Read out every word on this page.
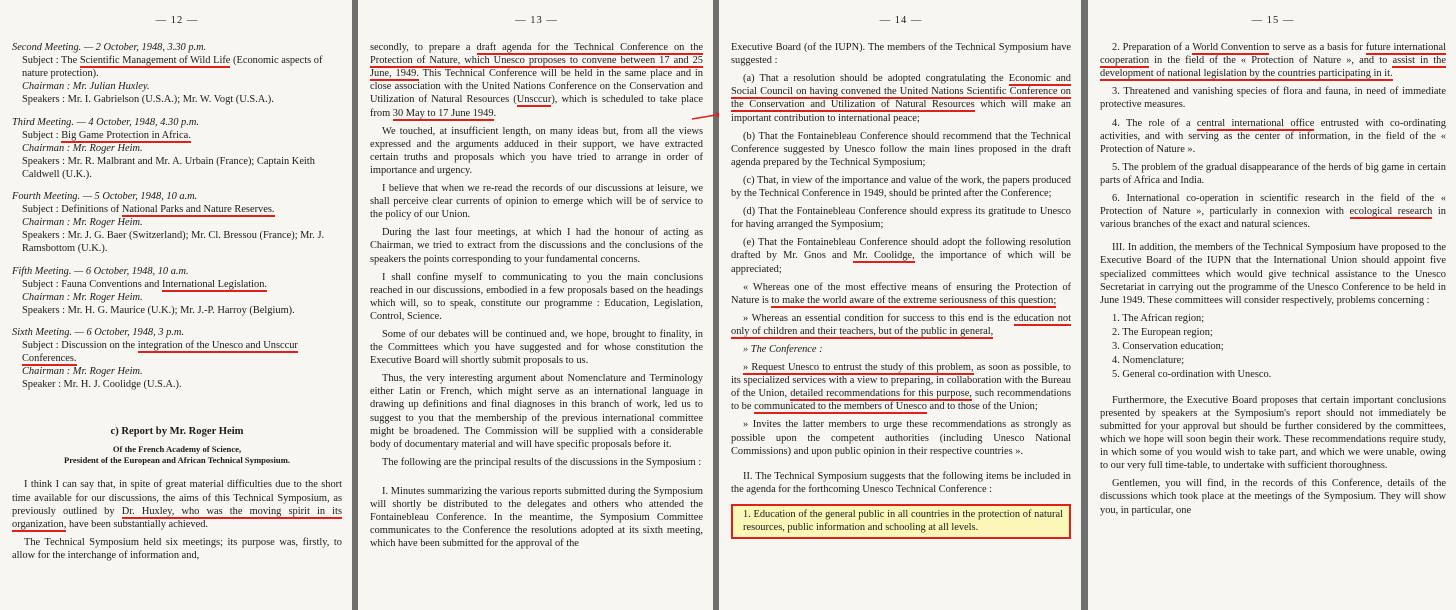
— 12 —
Second Meeting. — 2 October, 1948, 3.30 p.m.
Subject : The Scientific Management of Wild Life (Economic aspects of nature protection).
Chairman : Mr. Julian Huxley.
Speakers : Mr. I. Gabrielson (U.S.A.); Mr. W. Vogt (U.S.A.).
Third Meeting. — 4 October, 1948, 4.30 p.m.
Subject : Big Game Protection in Africa.
Chairman : Mr. Roger Heim.
Speakers : Mr. R. Malbrant and Mr. A. Urbain (France); Captain Keith Caldwell (U.K.).
Fourth Meeting. — 5 October, 1948, 10 a.m.
Subject : Definitions of National Parks and Nature Reserves.
Chairman : Mr. Roger Heim.
Speakers : Mr. J. G. Baer (Switzerland); Mr. Cl. Bressou (France); Mr. J. Ramsbottom (U.K.).
Fifth Meeting. — 6 October, 1948, 10 a.m.
Subject : Fauna Conventions and International Legislation.
Chairman : Mr. Roger Heim.
Speakers : Mr. H. G. Maurice (U.K.); Mr. J.-P. Harroy (Belgium).
Sixth Meeting. — 6 October, 1948, 3 p.m.
Subject : Discussion on the integration of the Unesco and Unsccur Conferences.
Chairman : Mr. Roger Heim.
Speaker : Mr. H. J. Coolidge (U.S.A.).
c) Report by Mr. Roger Heim
Of the French Academy of Science,
President of the European and African Technical Symposium.

I think I can say that, in spite of great material difficulties due to the short time available for our discussions, the aims of this Technical Symposium, as previously outlined by Dr. Huxley, who was the moving spirit in its organization, have been substantially achieved.

The Technical Symposium held six meetings; its purpose was, firstly, to allow for the interchange of information and,

— 13 —

secondly, to prepare a draft agenda for the Technical Conference on the Protection of Nature, which Unesco proposes to convene between 17 and 25 June, 1949. This Technical Conference will be held in the same place and in close association with the United Nations Conference on the Conservation and Utilization of Natural Resources (Unsccur), which is scheduled to take place from 30 May to 17 June 1949.

We touched, at insufficient length, on many ideas but, from all the views expressed and the arguments adduced in their support, we have extracted certain truths and proposals which you have tried to arrange in order of importance and urgency.

I believe that when we re-read the records of our discussions at leisure, we shall perceive clear currents of opinion to emerge which will be of service to the policy of our Union.

During the last four meetings, at which I had the honour of acting as Chairman, we tried to extract from the discussions and the conclusions of the speakers the points corresponding to your fundamental concerns.

I shall confine myself to communicating to you the main conclusions reached in our discussions, embodied in a few proposals based on the headings which will, so to speak, constitute our programme : Education, Legislation, Control, Science.

Some of our debates will be continued and, we hope, brought to finality, in the Committees which you have suggested and for whose constitution the Executive Board will shortly submit proposals to us.

Thus, the very interesting argument about Nomenclature and Terminology either Latin or French, which might serve as an international language in drawing up definitions and final diagnoses in this branch of work, led us to suggest to you that the membership of the previous international committee might be broadened. The Commission will be supplied with a considerable body of documentary material and will have specific proposals before it.

The following are the principal results of the discussions in the Symposium :

I. Minutes summarizing the various reports submitted during the Symposium will shortly be distributed to the delegates and others who attended the Fontainebleau Conference. In the meantime, the Symposium Committee communicates to the Conference the resolutions adopted at its sixth meeting, which have been submitted for the approval of the

— 14 —

Executive Board (of the IUPN). The members of the Technical Symposium have suggested :

(a) That a resolution should be adopted congratulating the Economic and Social Council on having convened the United Nations Scientific Conference on the Conservation and Utilization of Natural Resources which will make an important contribution to international peace;

(b) That the Fontainebleau Conference should recommend that the Technical Conference suggested by Unesco follow the main lines proposed in the draft agenda prepared by the Technical Symposium;

(c) That, in view of the importance and value of the work, the papers produced by the Technical Conference in 1949, should be printed after the Conference;

(d) That the Fontainebleau Conference should express its gratitude to Unesco for having arranged the Symposium;

(e) That the Fontainebleau Conference should adopt the following resolution drafted by Mr. Gnos and Mr. Coolidge, the importance of which will be appreciated;

« Whereas one of the most effective means of ensuring the Protection of Nature is to make the world aware of the extreme seriousness of this question;

» Whereas an essential condition for success to this end is the education not only of children and their teachers, but of the public in general,

» The Conference :

» Request Unesco to entrust the study of this problem, as soon as possible, to its specialized services with a view to preparing, in collaboration with the Bureau of the Union, detailed recommendations for this purpose, such recommendations to be communicated to the members of Unesco and to those of the Union;

» Invites the latter members to urge these recommendations as strongly as possible upon the competent authorities (including Unesco National Commissions) and upon public opinion in their respective countries ».

II. The Technical Symposium suggests that the following items be included in the agenda for the forthcoming Unesco Technical Conference :

1. Education of the general public in all countries in the protection of natural resources, public information and schooling at all levels.
— 15 —

2. Preparation of a World Convention to serve as a basis for future international cooperation in the field of the « Protection of Nature », and to assist in the development of national legislation by the countries participating in it.

3. Threatened and vanishing species of flora and fauna, in need of immediate protective measures.

4. The role of a central international office entrusted with co-ordinating activities, and with serving as the center of information, in the field of the « Protection of Nature ».

5. The problem of the gradual disappearance of the herds of big game in certain parts of Africa and India.

6. International co-operation in scientific research in the field of the « Protection of Nature », particularly in connexion with ecological research in various branches of the exact and natural sciences.

III. In addition, the members of the Technical Symposium have proposed to the Executive Board of the IUPN that the International Union should appoint five specialized committees which would give technical assistance to the Unesco Secretariat in carrying out the programme of the Unesco Conference to be held in June 1949. These committees will consider respectively, problems concerning :

1. The African region;
2. The European region;
3. Conservation education;
4. Nomenclature;
5. General co-ordination with Unesco.

Furthermore, the Executive Board proposes that certain important conclusions presented by speakers at the Symposium's report should not immediately be submitted for your approval but should be further considered by the committees, which we hope will soon begin their work. These recommendations require study, in which some of you would wish to take part, and which we were unable, owing to our very full time-table, to undertake with sufficient thoroughness.

Gentlemen, you will find, in the records of this Conference, details of the discussions which took place at the meetings of the Symposium. They will show you, in particular, one
